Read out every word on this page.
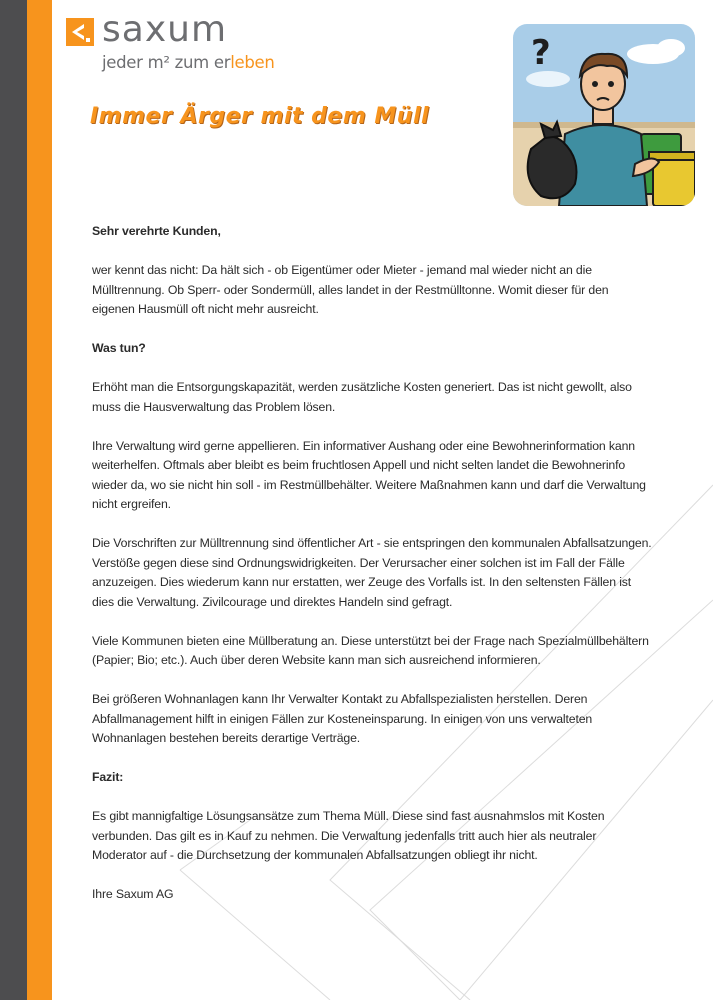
saxum
jeder m² zum erleben
Immer Ärger mit dem Müll
?

Sehr verehrte Kunden,

wer kennt das nicht: Da hält sich - ob Eigentümer oder Mieter - jemand mal wieder nicht an die Mülltrennung. Ob Sperr- oder Sondermüll, alles landet in der Restmülltonne. Womit dieser für den eigenen Hausmüll oft nicht mehr ausreicht.

Was tun?

Erhöht man die Entsorgungskapazität, werden zusätzliche Kosten generiert. Das ist nicht gewollt, also muss die Hausverwaltung das Problem lösen.

Ihre Verwaltung wird gerne appellieren. Ein informativer Aushang oder eine Bewohnerinformation kann weiterhelfen. Oftmals aber bleibt es beim fruchtlosen Appell und nicht selten landet die Bewohnerinfo wieder da, wo sie nicht hin soll - im Restmüllbehälter. Weitere Maßnahmen kann und darf die Verwaltung nicht ergreifen.

Die Vorschriften zur Mülltrennung sind öffentlicher Art - sie entspringen den kommunalen Abfallsatzungen. Verstöße gegen diese sind Ordnungswidrigkeiten. Der Verursacher einer solchen ist im Fall der Fälle anzuzeigen. Dies wiederum kann nur erstatten, wer Zeuge des Vorfalls ist. In den seltensten Fällen ist dies die Verwaltung. Zivilcourage und direktes Handeln sind gefragt.

Viele Kommunen bieten eine Müllberatung an. Diese unterstützt bei der Frage nach Spezialmüllbehältern (Papier; Bio; etc.). Auch über deren Website kann man sich ausreichend informieren.

Bei größeren Wohnanlagen kann Ihr Verwalter Kontakt zu Abfallspezialisten herstellen. Deren Abfallmanagement hilft in einigen Fällen zur Kosteneinsparung. In einigen von uns verwalteten Wohnanlagen bestehen bereits derartige Verträge.

Fazit:

Es gibt mannigfaltige Lösungsansätze zum Thema Müll. Diese sind fast ausnahmslos mit Kosten verbunden. Das gilt es in Kauf zu nehmen. Die Verwaltung jedenfalls tritt auch hier als neutraler Moderator auf - die Durchsetzung der kommunalen Abfallsatzungen obliegt ihr nicht.

Ihre Saxum AG
